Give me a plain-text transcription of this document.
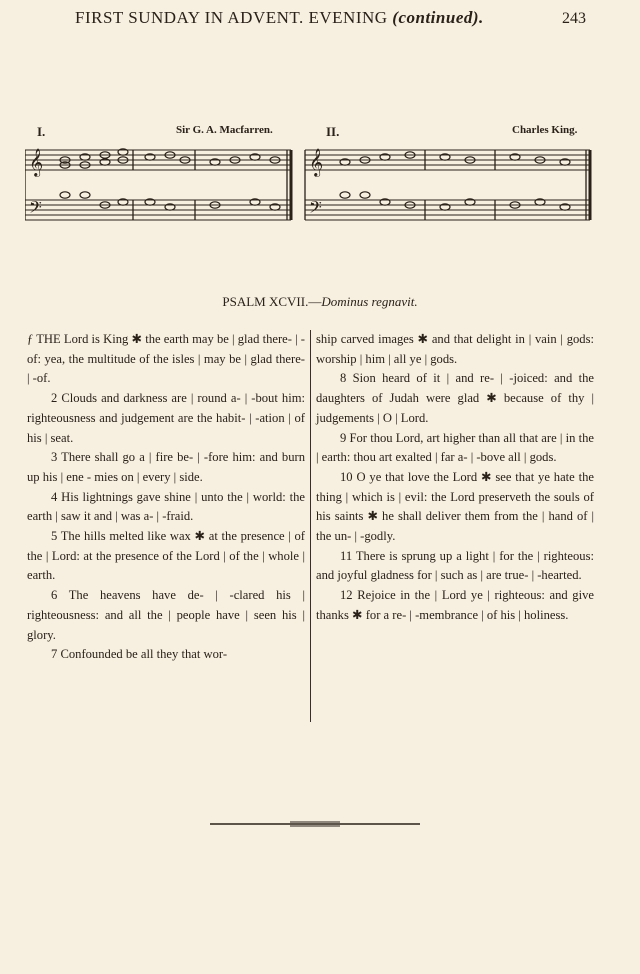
FIRST SUNDAY IN ADVENT. EVENING (continued).	243
I.	Sir G. A. Macfarren.	II.	Charles King.
𝄞
𝄢
𝄞
𝄢
PSALM XCVII.—Dominus regnavit.

ƒ THE Lord is King ✱ the earth may be | glad there- | -of: yea, the multitude of the isles | may be | glad there- | -of.

2 Clouds and darkness are | round a- | -bout him: righteousness and judgement are the habit- | -ation | of his | seat.

3 There shall go a | fire be- | -fore him: and burn up his | ene - mies on | every | side.

4 His lightnings gave shine | unto the | world: the earth | saw it and | was a- | -fraid.

5 The hills melted like wax ✱ at the presence | of the | Lord: at the presence of the Lord | of the | whole | earth.

6 The heavens have de- | -clared his | righteousness: and all the | people have | seen his | glory.

7 Confounded be all they that wor-

ship carved images ✱ and that delight in | vain | gods: worship | him | all ye | gods.

8 Sion heard of it | and re- | -joiced: and the daughters of Judah were glad ✱ because of thy | judgements | O | Lord.

9 For thou Lord, art higher than all that are | in the | earth: thou art exalted | far a- | -bove all | gods.

10 O ye that love the Lord ✱ see that ye hate the thing | which is | evil: the Lord preserveth the souls of his saints ✱ he shall deliver them from the | hand of | the un- | -godly.

11 There is sprung up a light | for the | righteous: and joyful gladness for | such as | are true- | -hearted.

12 Rejoice in the | Lord ye | righteous: and give thanks ✱ for a re- | -membrance | of his | holiness.
